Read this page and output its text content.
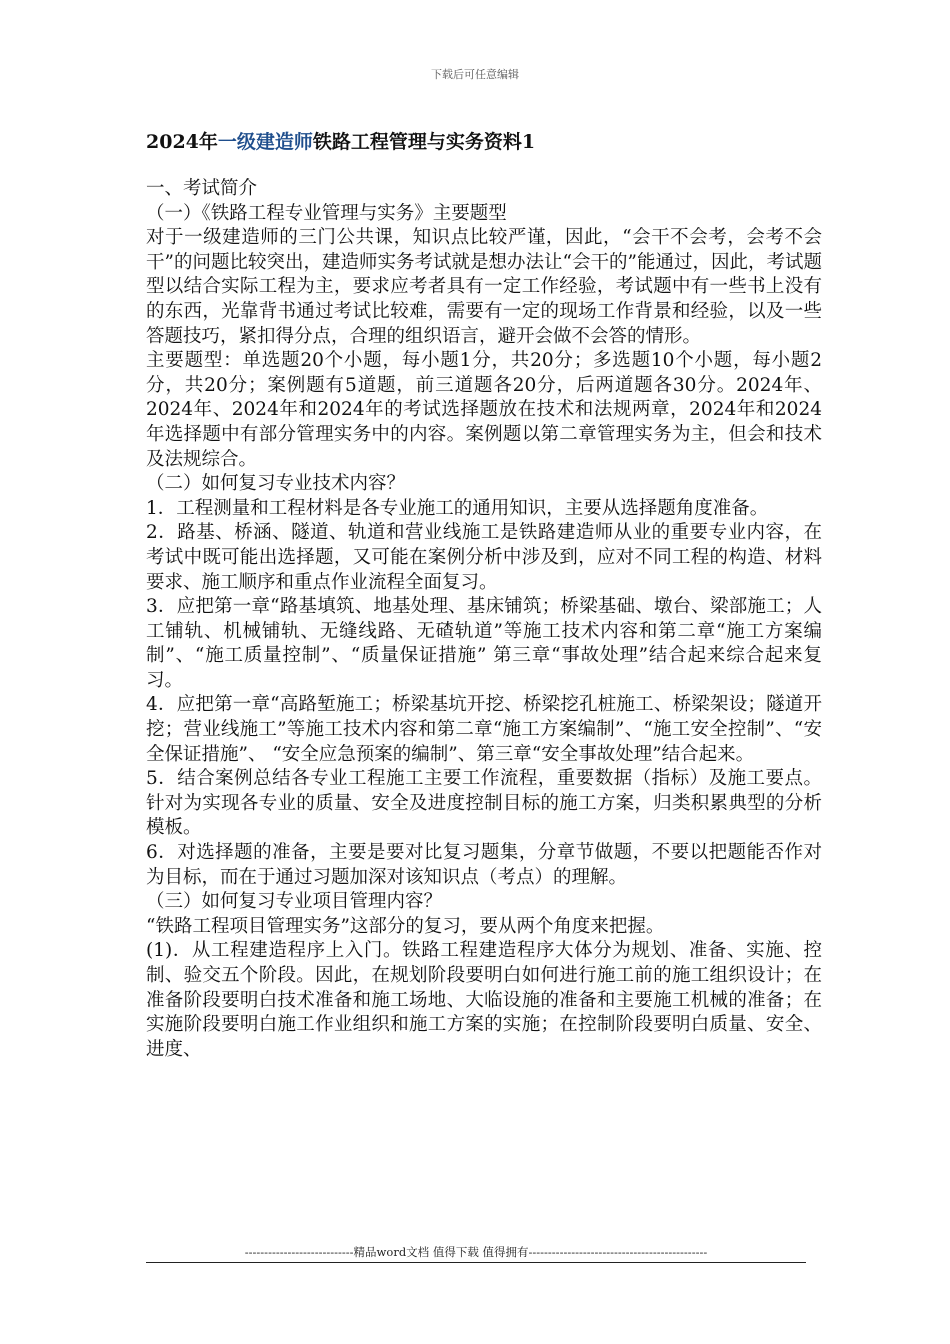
下载后可任意编辑
2024年一级建造师铁路工程管理与实务资料1

一、考试简介

（一）《铁路工程专业管理与实务》主要题型

对于一级建造师的三门公共课，知识点比较严谨，因此，“会干不会考，会考不会干”的问题比较突出，建造师实务考试就是想办法让“会干的”能通过，因此，考试题型以结合实际工程为主，要求应考者具有一定工作经验，考试题中有一些书上没有的东西，光靠背书通过考试比较难，需要有一定的现场工作背景和经验，以及一些答题技巧，紧扣得分点，合理的组织语言，避开会做不会答的情形。

主要题型：单选题20个小题，每小题1分，共20分；多选题10个小题，每小题2分，共20分；案例题有5道题，前三道题各20分，后两道题各30分。2024年、2024年、2024年和2024年的考试选择题放在技术和法规两章，2024年和2024年选择题中有部分管理实务中的内容。案例题以第二章管理实务为主，但会和技术及法规综合。

（二）如何复习专业技术内容？

1．工程测量和工程材料是各专业施工的通用知识，主要从选择题角度准备。

2．路基、桥涵、隧道、轨道和营业线施工是铁路建造师从业的重要专业内容，在考试中既可能出选择题，又可能在案例分析中涉及到，应对不同工程的构造、材料要求、施工顺序和重点作业流程全面复习。

3．应把第一章“路基填筑、地基处理、基床铺筑；桥梁基础、墩台、梁部施工；人工铺轨、机械铺轨、无缝线路、无碴轨道”等施工技术内容和第二章“施工方案编制”、“施工质量控制”、“质量保证措施” 第三章“事故处理”结合起来综合起来复习。

4．应把第一章“高路堑施工；桥梁基坑开挖、桥梁挖孔桩施工、桥梁架设；隧道开挖；营业线施工”等施工技术内容和第二章“施工方案编制”、“施工安全控制”、“安全保证措施”、 “安全应急预案的编制”、第三章“安全事故处理”结合起来。

5．结合案例总结各专业工程施工主要工作流程，重要数据（指标）及施工要点。针对为实现各专业的质量、安全及进度控制目标的施工方案，归类积累典型的分析模板。

6．对选择题的准备，主要是要对比复习题集，分章节做题，不要以把题能否作对为目标，而在于通过习题加深对该知识点（考点）的理解。

（三）如何复习专业项目管理内容？

“铁路工程项目管理实务”这部分的复习，要从两个角度来把握。

(1)．从工程建造程序上入门。铁路工程建造程序大体分为规划、准备、实施、控制、验交五个阶段。因此，在规划阶段要明白如何进行施工前的施工组织设计；在准备阶段要明白技术准备和施工场地、大临设施的准备和主要施工机械的准备；在实施阶段要明白施工作业组织和施工方案的实施；在控制阶段要明白质量、安全、进度、

----------------------------精品word文档 值得下载 值得拥有----------------------------------------------
